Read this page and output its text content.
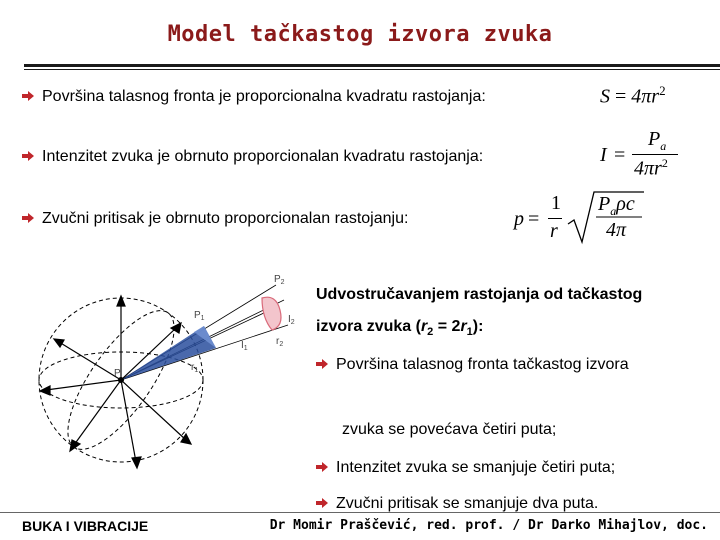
Model tačkastog izvora zvuka
Površina talasnog fronta je proporcionalna kvadratu rastojanja:	$S = 4\pi r^2$
Intenzitet zvuka je obrnuto proporcionalan kvadratu rastojanja:	I =
$P_a$
$4\pi r^2$
Zvučni pritisak je obrnuto proporcionalan rastojanju:	p =
1
r
$P_a\rho c$
4π
P
$P_1$
$P_2$
$r_1$
$r_2$
$I_1$
$I_2$
Udvostručavanjem rastojanja od tačkastog
izvora zvuka $(r_2 = 2r_1)$:
Površina talasnog fronta tačkastog izvora
zvuka se povećava četiri puta;
Intenzitet zvuka se smanjuje četiri puta;
Zvučni pritisak se smanjuje dva puta.
BUKA I VIBRACIJE	Dr Momir Praščević, red. prof. / Dr Darko Mihajlov, doc.
